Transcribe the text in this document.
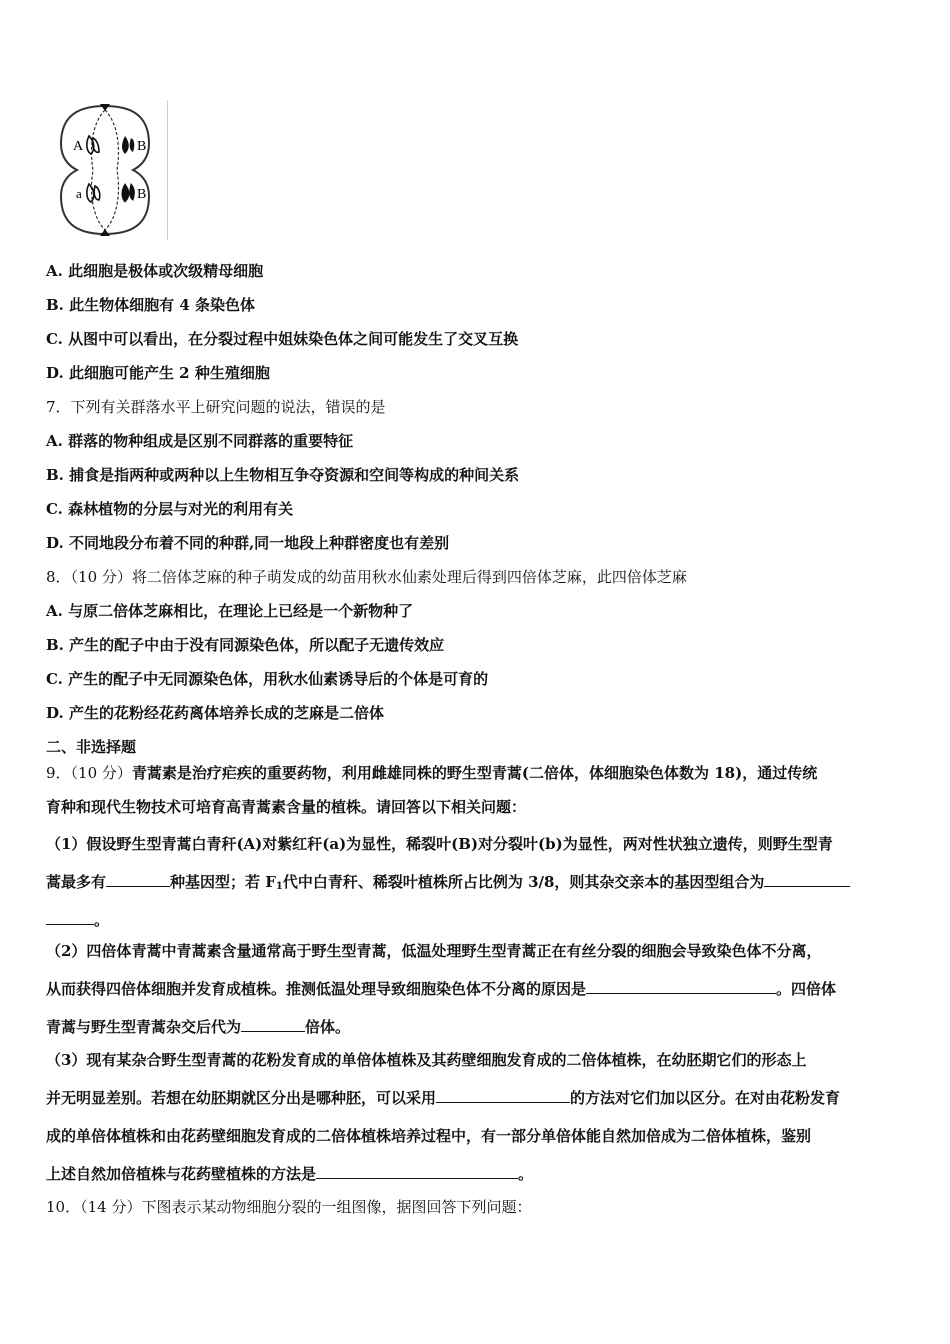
A	B
a	B
A. 此细胞是极体或次级精母细胞
B. 此生物体细胞有 4 条染色体
C. 从图中可以看出，在分裂过程中姐妹染色体之间可能发生了交叉互换
D. 此细胞可能产生 2 种生殖细胞
7．下列有关群落水平上研究问题的说法，错误的是
A. 群落的物种组成是区别不同群落的重要特征
B. 捕食是指两种或两种以上生物相互争夺资源和空间等构成的种间关系
C. 森林植物的分层与对光的利用有关
D. 不同地段分布着不同的种群,同一地段上种群密度也有差别
8．（10 分）将二倍体芝麻的种子萌发成的幼苗用秋水仙素处理后得到四倍体芝麻，此四倍体芝麻
A. 与原二倍体芝麻相比，在理论上已经是一个新物种了
B. 产生的配子中由于没有同源染色体，所以配子无遗传效应
C. 产生的配子中无同源染色体，用秋水仙素诱导后的个体是可育的
D. 产生的花粉经花药离体培养长成的芝麻是二倍体
二、非选择题
9．（10 分）青蒿素是治疗疟疾的重要药物，利用雌雄同株的野生型青蒿(二倍体，体细胞染色体数为 18)，通过传统
育种和现代生物技术可培育高青蒿素含量的植株。请回答以下相关问题：
（1）假设野生型青蒿白青秆(A)对紫红秆(a)为显性，稀裂叶(B)对分裂叶(b)为显性，两对性状独立遗传，则野生型青
蒿最多有	种基因型；若 $F_1$代中白青秆、稀裂叶植株所占比例为 3/8，则其杂交亲本的基因型组合为
。
（2）四倍体青蒿中青蒿素含量通常高于野生型青蒿，低温处理野生型青蒿正在有丝分裂的细胞会导致染色体不分离，
从而获得四倍体细胞并发育成植株。推测低温处理导致细胞染色体不分离的原因是	。四倍体
青蒿与野生型青蒿杂交后代为	倍体。
（3）现有某杂合野生型青蒿的花粉发育成的单倍体植株及其药壁细胞发育成的二倍体植株，在幼胚期它们的形态上
并无明显差别。若想在幼胚期就区分出是哪种胚，可以采用	的方法对它们加以区分。在对由花粉发育
成的单倍体植株和由花药壁细胞发育成的二倍体植株培养过程中，有一部分单倍体能自然加倍成为二倍体植株，鉴别
上述自然加倍植株与花药壁植株的方法是	。
10．（14 分）下图表示某动物细胞分裂的一组图像，据图回答下列问题：
